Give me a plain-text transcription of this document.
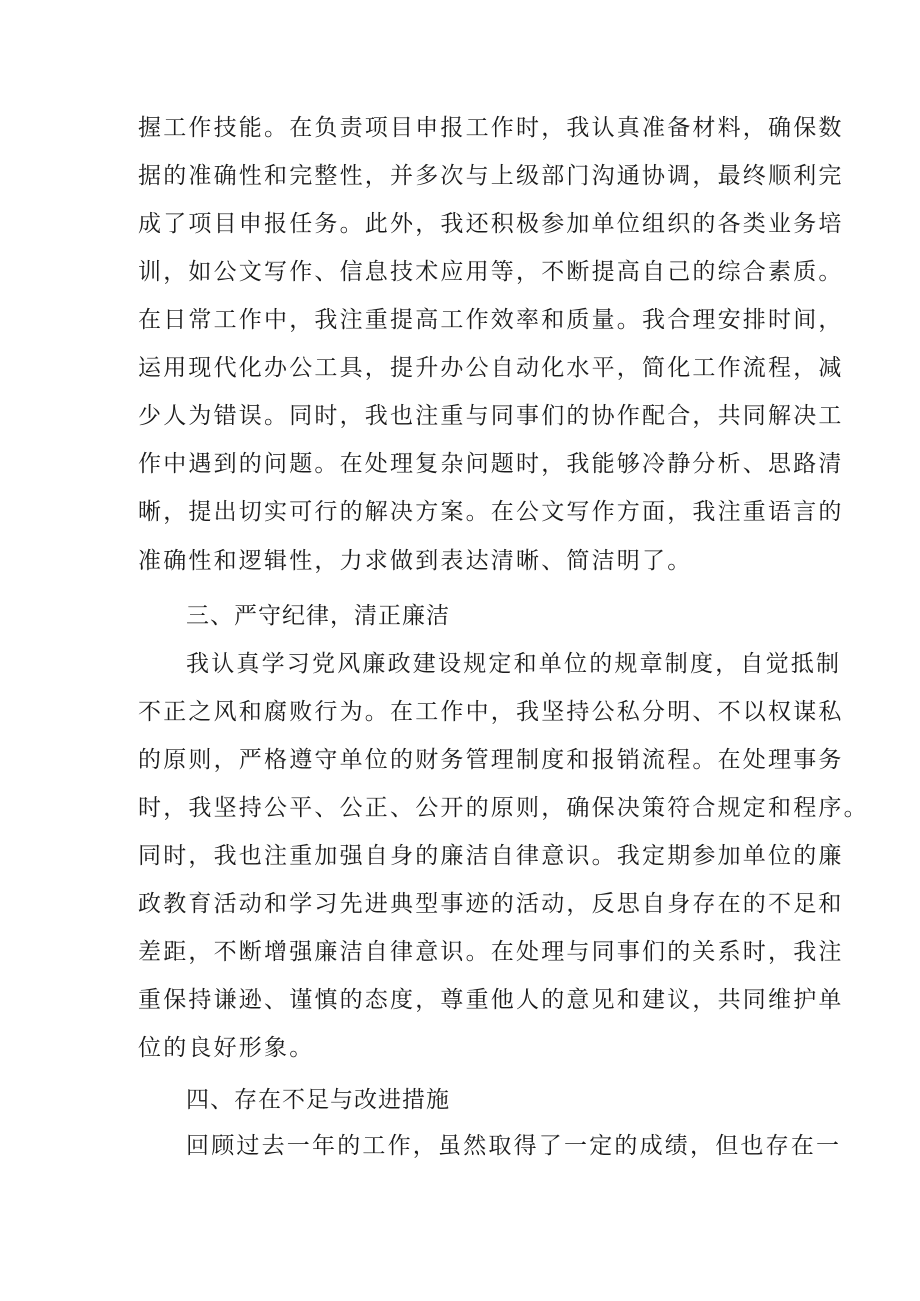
握工作技能。在负责项目申报工作时，我认真准备材料，确保数
据的准确性和完整性，并多次与上级部门沟通协调，最终顺利完
成了项目申报任务。此外，我还积极参加单位组织的各类业务培
训，如公文写作、信息技术应用等，不断提高自己的综合素质。
在日常工作中，我注重提高工作效率和质量。我合理安排时间，
运用现代化办公工具，提升办公自动化水平，简化工作流程，减
少人为错误。同时，我也注重与同事们的协作配合，共同解决工
作中遇到的问题。在处理复杂问题时，我能够冷静分析、思路清
晰，提出切实可行的解决方案。在公文写作方面，我注重语言的
准确性和逻辑性，力求做到表达清晰、简洁明了。
三、严守纪律，清正廉洁
我认真学习党风廉政建设规定和单位的规章制度，自觉抵制
不正之风和腐败行为。在工作中，我坚持公私分明、不以权谋私
的原则，严格遵守单位的财务管理制度和报销流程。在处理事务
时，我坚持公平、公正、公开的原则，确保决策符合规定和程序。
同时，我也注重加强自身的廉洁自律意识。我定期参加单位的廉
政教育活动和学习先进典型事迹的活动，反思自身存在的不足和
差距，不断增强廉洁自律意识。在处理与同事们的关系时，我注
重保持谦逊、谨慎的态度，尊重他人的意见和建议，共同维护单
位的良好形象。
四、存在不足与改进措施
回顾过去一年的工作，虽然取得了一定的成绩，但也存在一
